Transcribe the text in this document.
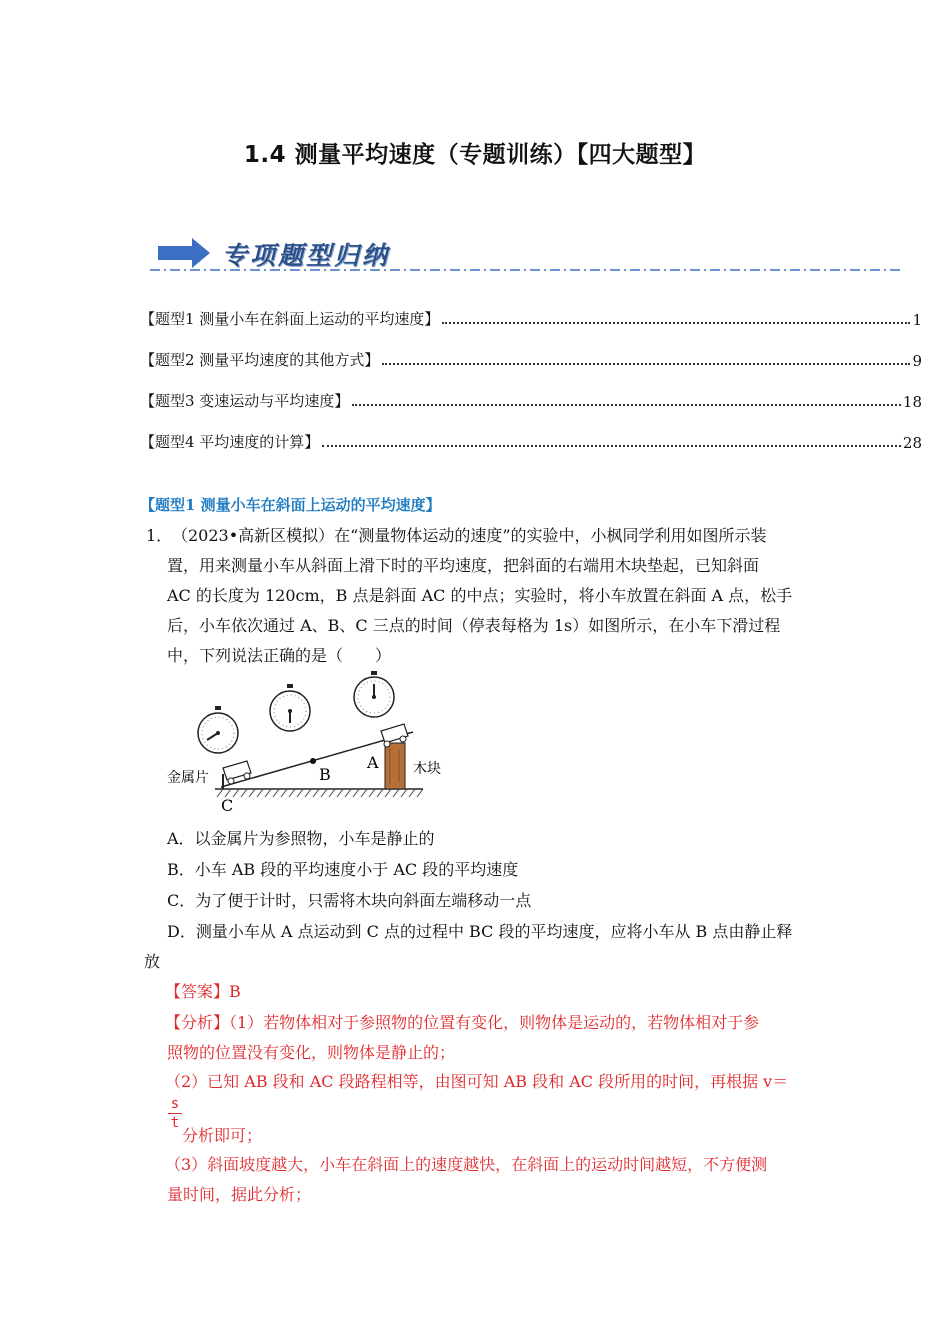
1.4 测量平均速度（专题训练）【四大题型】
专项题型归纳
【题型1 测量小车在斜面上运动的平均速度】	1
【题型2 测量平均速度的其他方式】	9
【题型3 变速运动与平均速度】	18
【题型4 平均速度的计算】	28
【题型1 测量小车在斜面上运动的平均速度】
1． （2023•高新区模拟）在“测量物体运动的速度”的实验中，小枫同学利用如图所示装
置，用来测量小车从斜面上滑下时的平均速度，把斜面的右端用木块垫起，已知斜面
AC 的长度为 120cm，B 点是斜面 AC 的中点；实验时，将小车放置在斜面 A 点，松手
后，小车依次通过 A、B、C 三点的时间（停表每格为 1s）如图所示，在小车下滑过程
中，下列说法正确的是（　　）
金属片
木块
A
B
C
A．以金属片为参照物，小车是静止的
B．小车 AB 段的平均速度小于 AC 段的平均速度
C．为了便于计时，只需将木块向斜面左端移动一点
D．测量小车从 A 点运动到 C 点的过程中 BC 段的平均速度，应将小车从 B 点由静止释
放
【答案】B
【分析】（1）若物体相对于参照物的位置有变化，则物体是运动的，若物体相对于参
照物的位置没有变化，则物体是静止的；
（2）已知 AB 段和 AC 段路程相等，由图可知 AB 段和 AC 段所用的时间，再根据 v＝
$\frac{s}{t}$
分析即可；
（3）斜面坡度越大，小车在斜面上的速度越快，在斜面上的运动时间越短，不方便测
量时间，据此分析；
